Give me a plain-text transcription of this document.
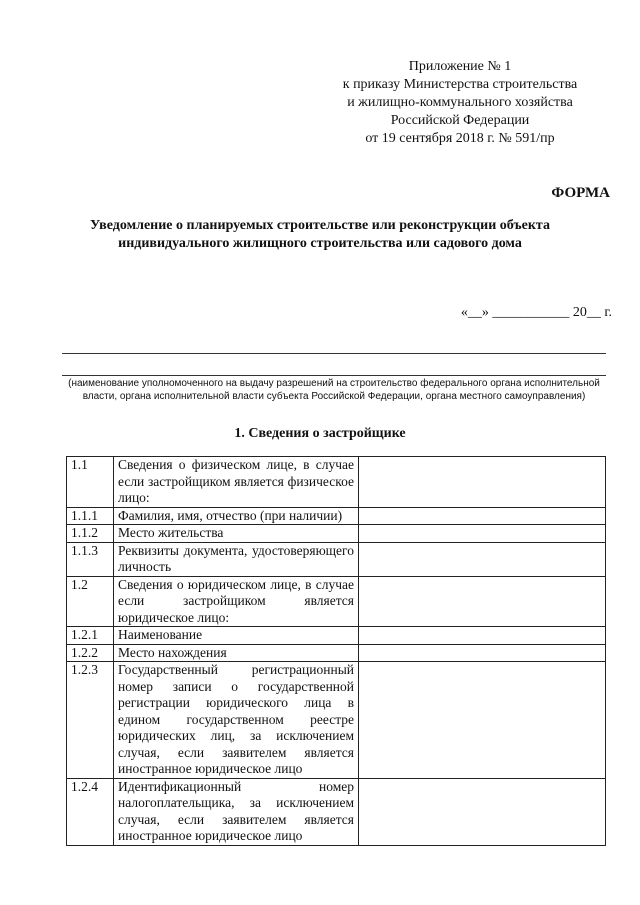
Приложение № 1
к приказу Министерства строительства
и жилищно-коммунального хозяйства
Российской Федерации
от 19 сентября 2018 г. № 591/пр
ФОРМА
Уведомление о планируемых строительстве или реконструкции объекта
индивидуального жилищного строительства или садового дома
«__» ___________ 20__ г.
(наименование уполномоченного на выдачу разрешений на строительство федерального органа исполнительной власти, органа исполнительной власти субъекта Российской Федерации, органа местного самоуправления)
1. Сведения о застройщике
1.1	Сведения о физическом лице, в случае если застройщиком является физическое лицо:	
1.1.1	Фамилия, имя, отчество (при наличии)	
1.1.2	Место жительства	
1.1.3	Реквизиты документа, удостоверяющего личность	
1.2	Сведения о юридическом лице, в случае если застройщиком является юридическое лицо:	
1.2.1	Наименование	
1.2.2	Место нахождения	
1.2.3	Государственный регистрационный номер записи о государственной регистрации юридического лица в едином государственном реестре юридических лиц, за исключением случая, если заявителем является иностранное юридическое лицо	
1.2.4	Идентификационный номер налогоплательщика, за исключением случая, если заявителем является иностранное юридическое лицо	
